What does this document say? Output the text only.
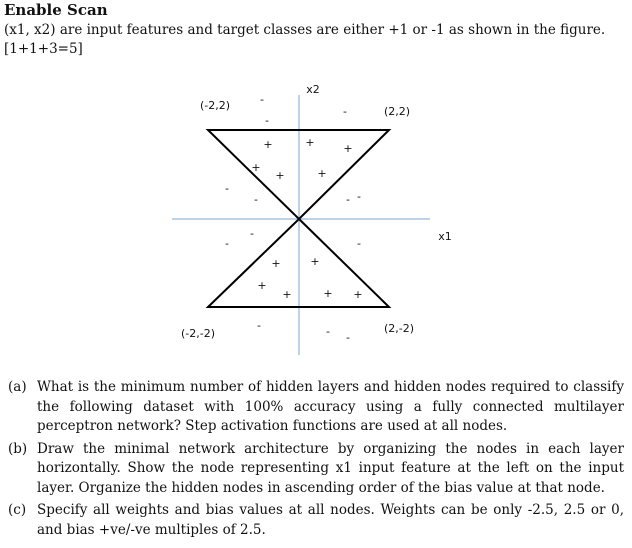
Enable Scan
(x1, x2) are input features and target classes are either +1 or -1 as shown in the figure.
[1+1+3=5]
x2
x1
(-2,2)	(2,2)
(-2,-2)	(2,-2)
+	+	+
+
+	+
+	+
+
+	+ +
-
-
-
-
-	- -
-
-	-
-	- -
(a) What is the minimum number of hidden layers and hidden nodes required to classify the following dataset with 100% accuracy using a fully connected multilayer perceptron network? Step activation functions are used at all nodes.
(b) Draw the minimal network architecture by organizing the nodes in each layer horizontally. Show the node representing x1 input feature at the left on the input layer. Organize the hidden nodes in ascending order of the bias value at that node.
(c) Specify all weights and bias values at all nodes. Weights can be only -2.5, 2.5 or 0, and bias +ve/-ve multiples of 2.5.
